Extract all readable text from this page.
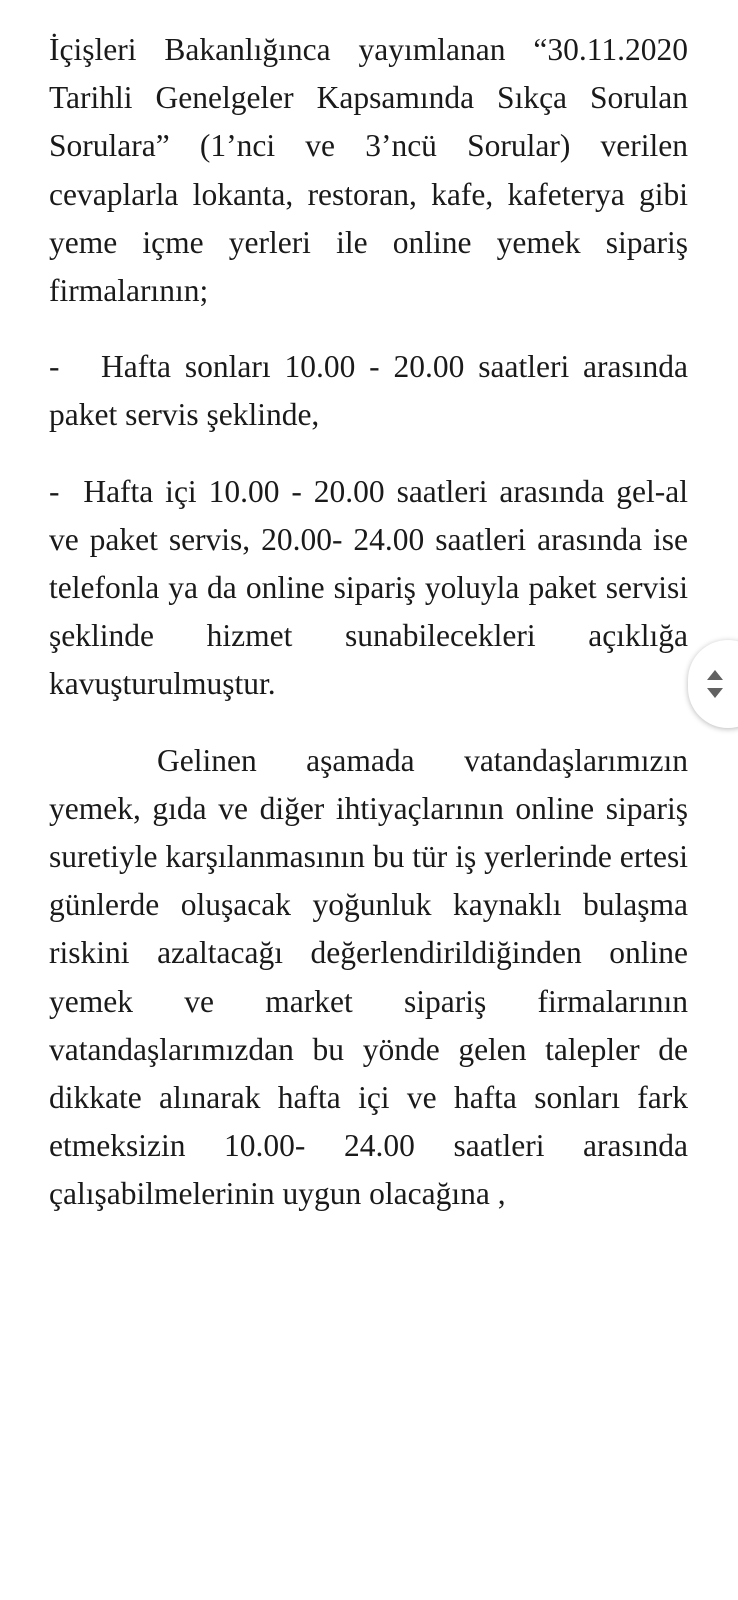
İçişleri Bakanlığınca yayımlanan “30.11.2020 Tarihli Genelgeler Kapsamında Sıkça Sorulan Sorulara” (1’nci ve 3’ncü Sorular) verilen cevaplarla lokanta, restoran, kafe, kafeterya gibi yeme içme yerleri ile online yemek sipariş firmalarının;

-   Hafta sonları 10.00 - 20.00 saatleri arasında paket servis şeklinde,

-  Hafta içi 10.00 - 20.00 saatleri arasında gel-al ve paket servis, 20.00- 24.00 saatleri arasında ise telefonla ya da online sipariş yoluyla paket servisi şeklinde hizmet sunabilecekleri açıklığa kavuşturulmuştur.

Gelinen aşamada vatandaşlarımızın yemek, gıda ve diğer ihtiyaçlarının online sipariş suretiyle karşılanmasının bu tür iş yerlerinde ertesi günlerde oluşacak yoğunluk kaynaklı bulaşma riskini azaltacağı değerlendirildiğinden online yemek ve market sipariş firmalarının vatandaşlarımızdan bu yönde gelen talepler de dikkate alınarak hafta içi ve hafta sonları fark etmeksizin 10.00- 24.00 saatleri arasında çalışabilmelerinin uygun olacağına ,
